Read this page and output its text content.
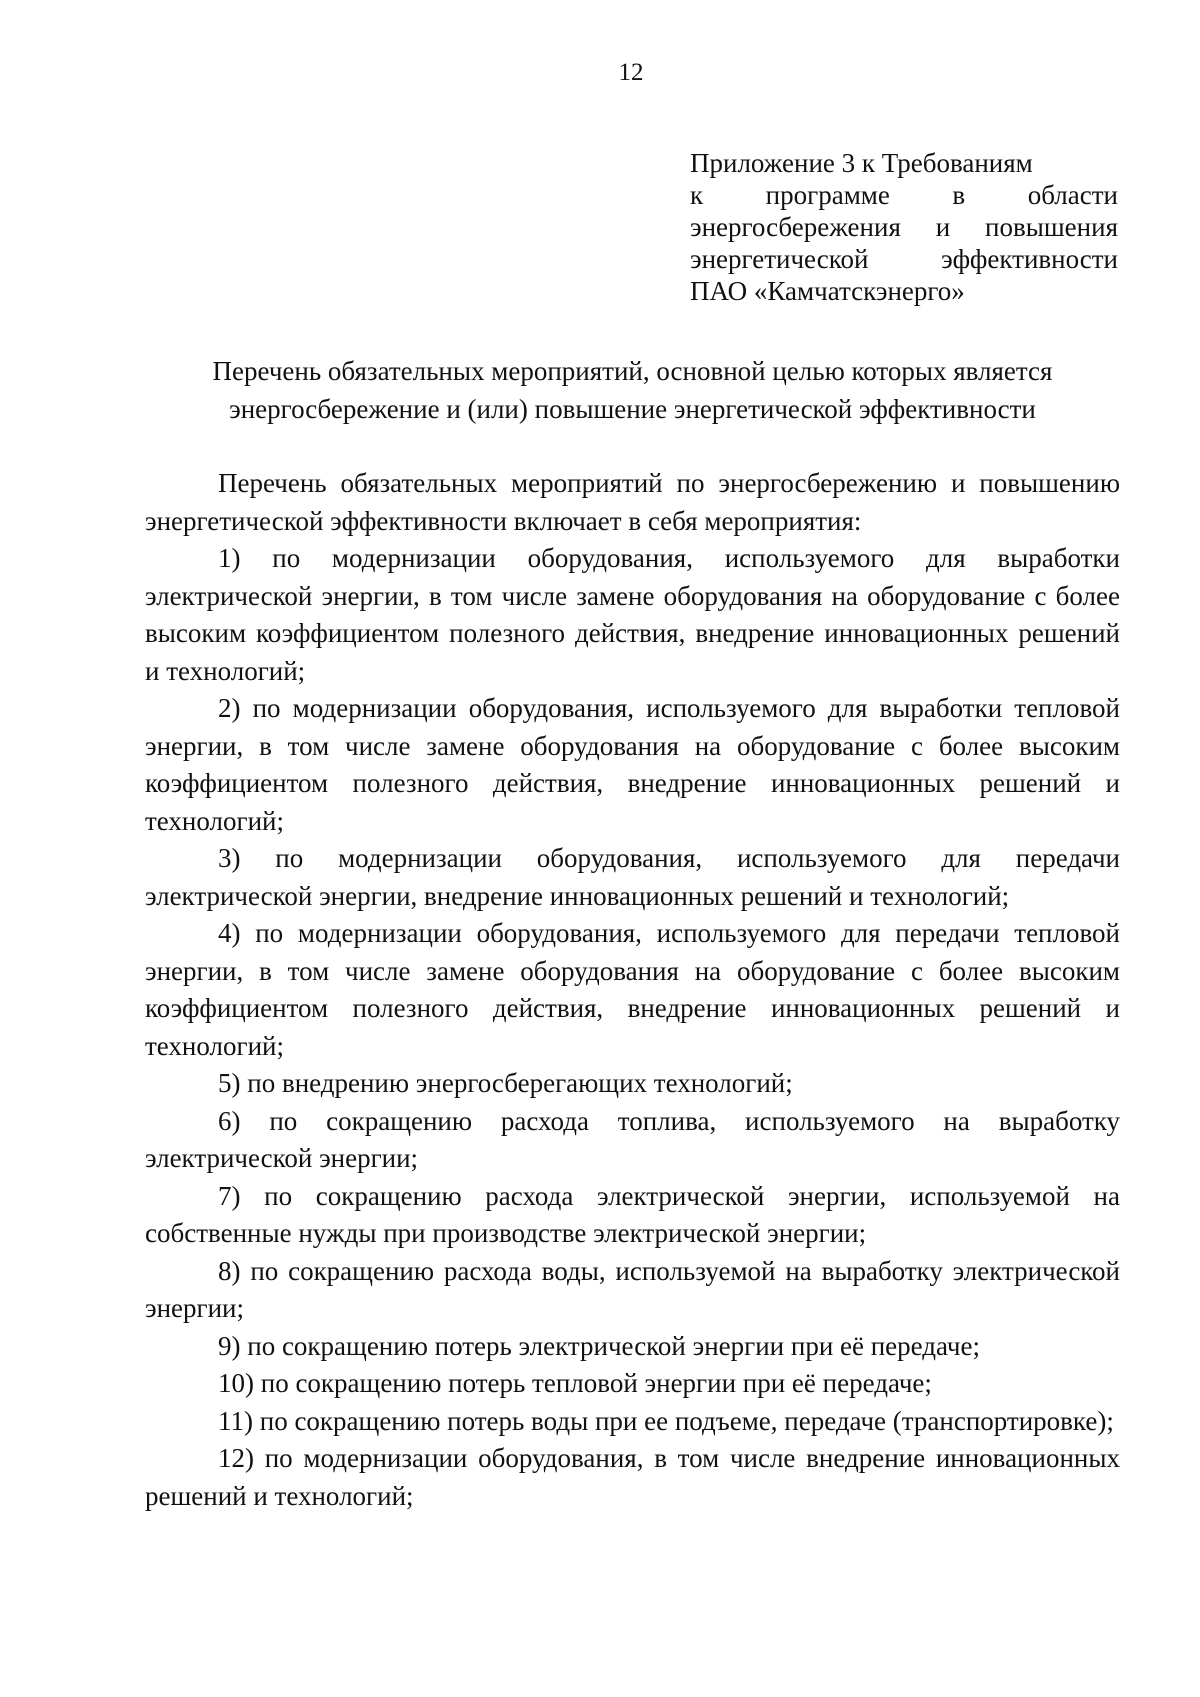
12
Приложение 3 к Требованиям
к программе в области
энергосбережения и повышения
энергетической эффективности
ПАО «Камчатскэнерго»
Перечень обязательных мероприятий, основной целью которых является
энергосбережение и (или) повышение энергетической эффективности

Перечень обязательных мероприятий по энергосбережению и повышению энергетической эффективности включает в себя мероприятия:

1) по модернизации оборудования, используемого для выработки электрической энергии, в том числе замене оборудования на оборудование с более высоким коэффициентом полезного действия, внедрение инновационных решений и технологий;

2) по модернизации оборудования, используемого для выработки тепловой энергии, в том числе замене оборудования на оборудование с более высоким коэффициентом полезного действия, внедрение инновационных решений и технологий;

3) по модернизации оборудования, используемого для передачи электрической энергии, внедрение инновационных решений и технологий;

4) по модернизации оборудования, используемого для передачи тепловой энергии, в том числе замене оборудования на оборудование с более высоким коэффициентом полезного действия, внедрение инновационных решений и технологий;

5) по внедрению энергосберегающих технологий;

6) по сокращению расхода топлива, используемого на выработку электрической энергии;

7) по сокращению расхода электрической энергии, используемой на собственные нужды при производстве электрической энергии;

8) по сокращению расхода воды, используемой на выработку электрической энергии;

9) по сокращению потерь электрической энергии при её передаче;

10) по сокращению потерь тепловой энергии при её передаче;

11) по сокращению потерь воды при ее подъеме, передаче (транспортировке);

12) по модернизации оборудования, в том числе внедрение инновационных решений и технологий;
